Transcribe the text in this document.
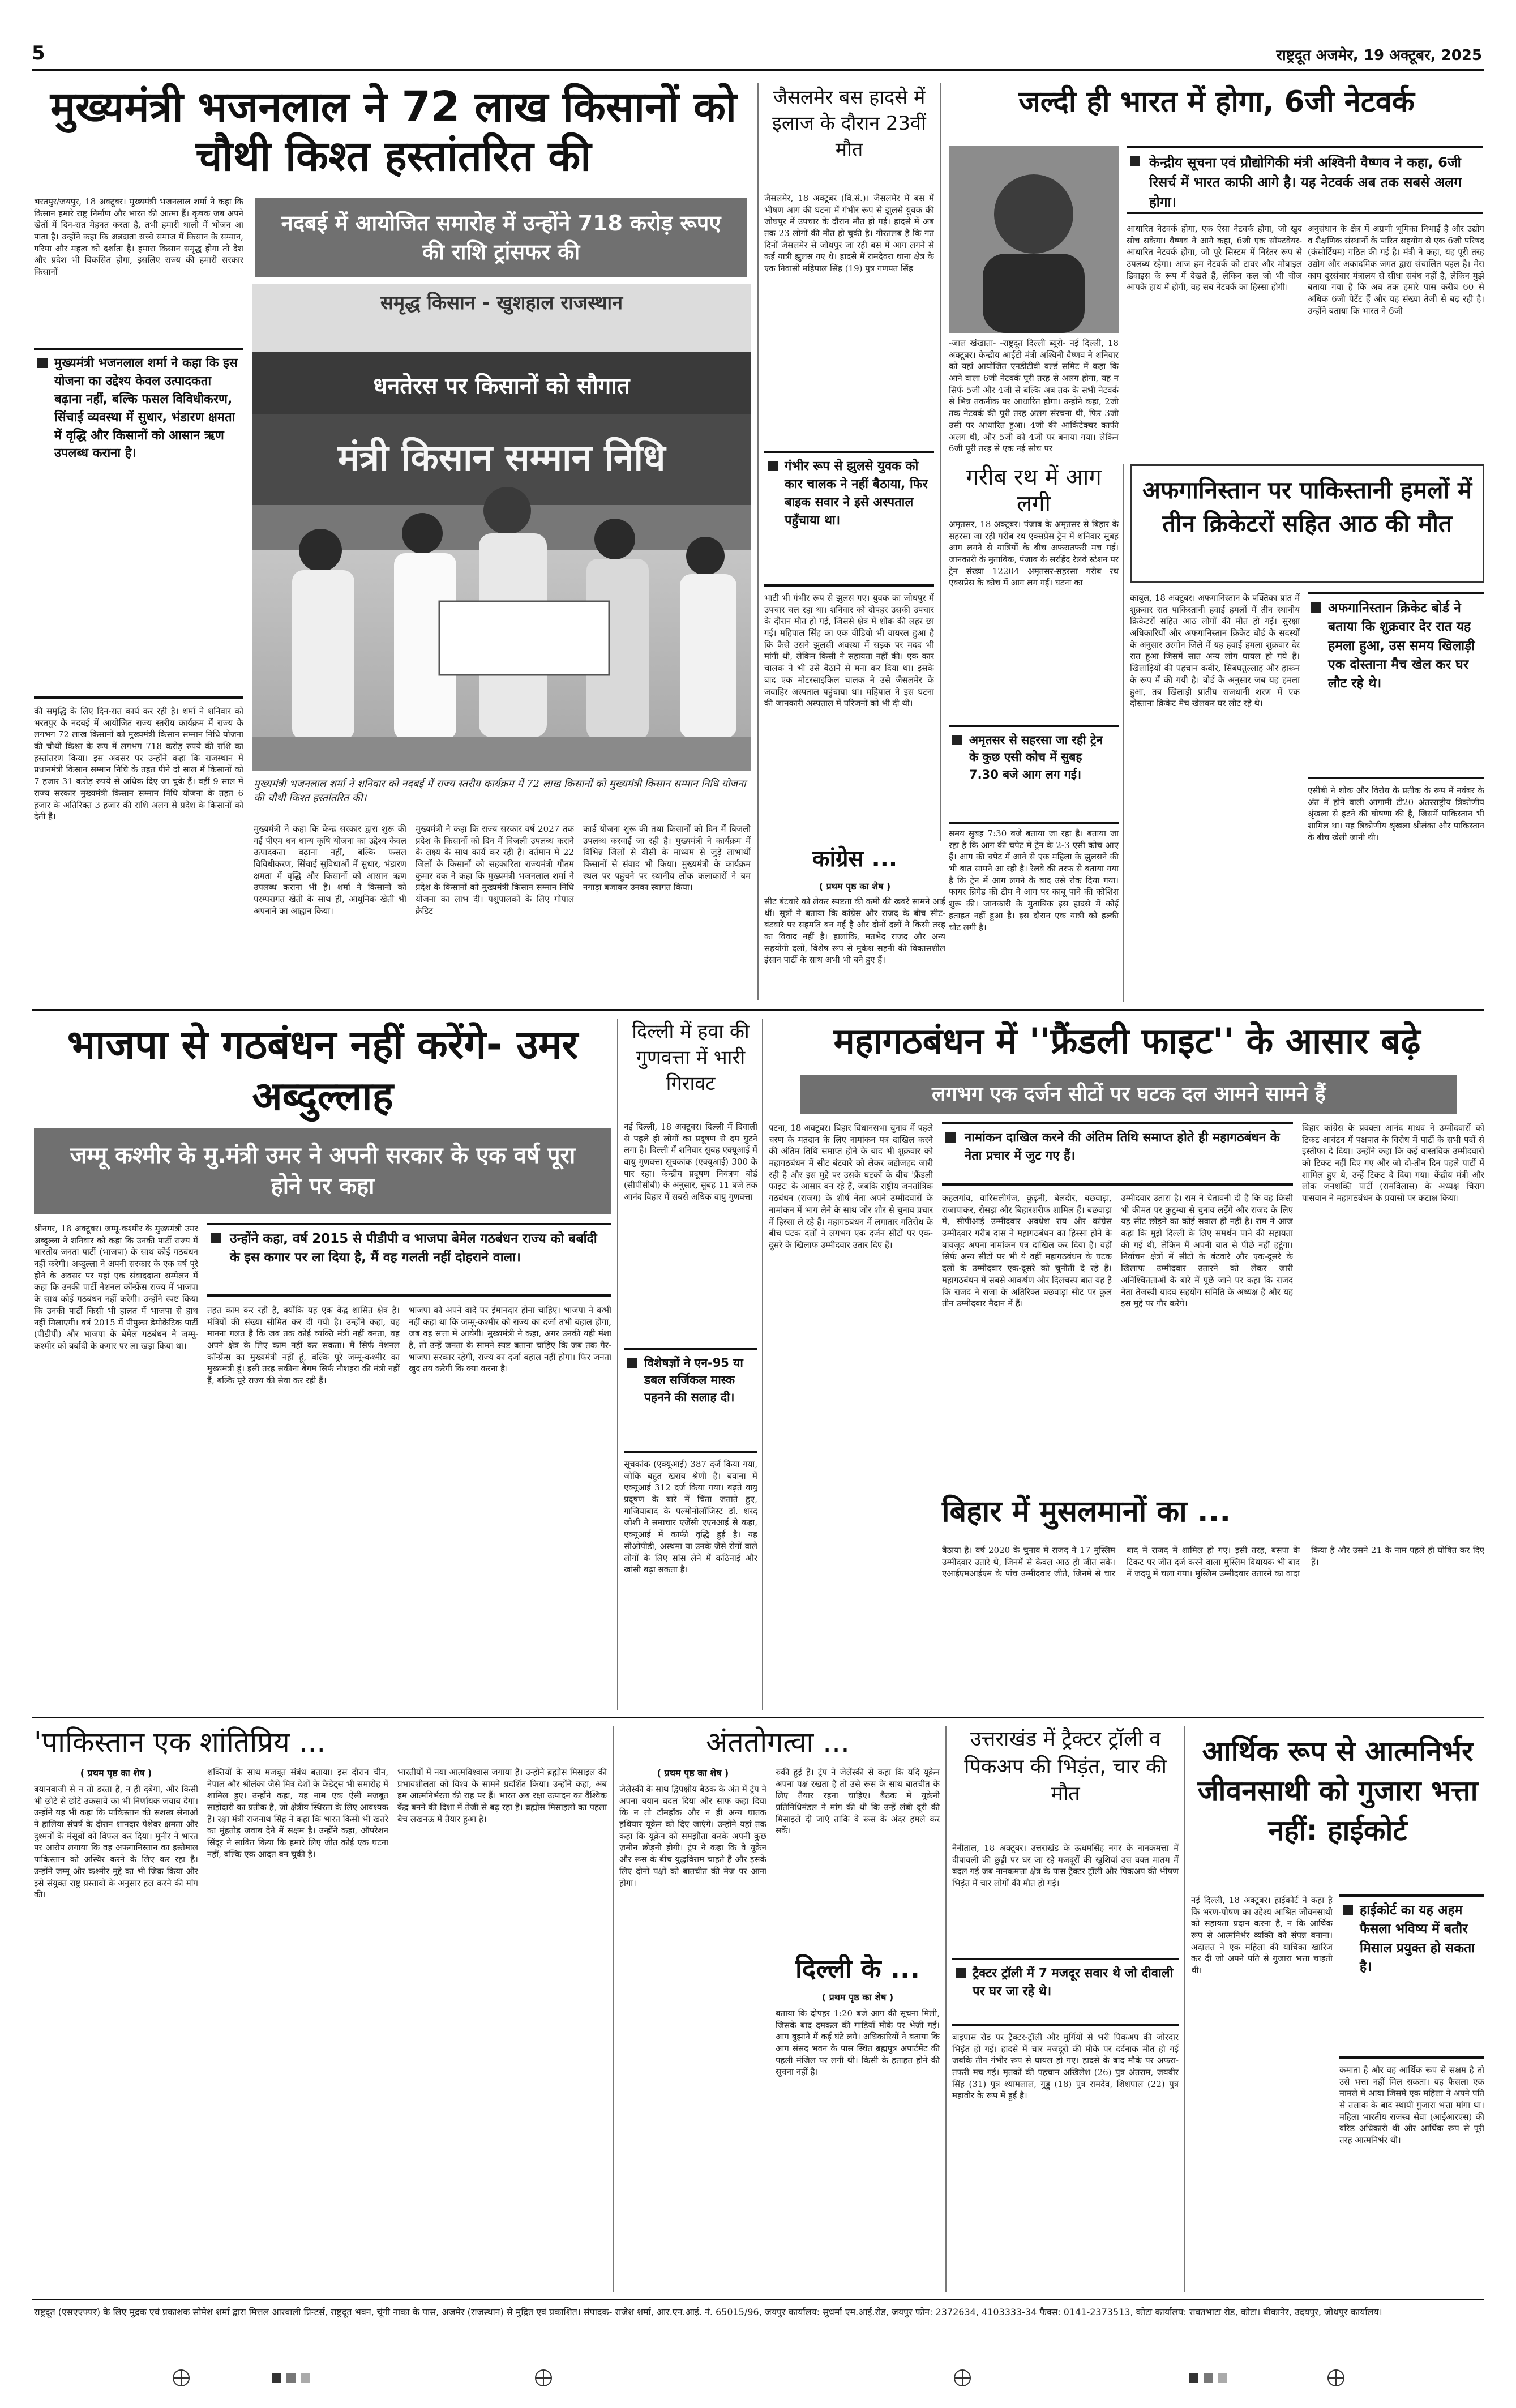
5	राष्ट्रदूत अजमेर, 19 अक्टूबर, 2025
मुख्यमंत्री भजनलाल ने 72 लाख किसानों को चौथी किश्त हस्तांतरित की
नदबई में आयोजित समारोह में उन्होंने 718 करोड़ रूपए की राशि ट्रांसफर की
भरतपुर/जयपुर, 18 अक्टूबर। मुख्यमंत्री भजनलाल शर्मा ने कहा कि किसान हमारे राष्ट्र निर्माण और भारत की आत्मा हैं। कृषक जब अपने खेतों में दिन-रात मेहनत करता है, तभी हमारी थाली में भोजन आ पाता है। उन्होंने कहा कि अन्नदाता सच्चे समाज में किसान के सम्मान, गरिमा और महत्व को दर्शाता है। हमारा किसान समृद्ध होगा तो देश और प्रदेश भी विकसित होगा, इसलिए राज्य की हमारी सरकार किसानों
मुख्यमंत्री भजनलाल शर्मा ने कहा कि इस योजना का उद्देश्य केवल उत्पादकता बढ़ाना नहीं, बल्कि फसल विविधीकरण, सिंचाई व्यवस्था में सुधार, भंडारण क्षमता में वृद्धि और किसानों को आसान ऋण उपलब्ध कराना है।
की समृद्धि के लिए दिन-रात कार्य कर रही है। शर्मा ने शनिवार को भरतपुर के नदबई में आयोजित राज्य स्तरीय कार्यक्रम में राज्य के लगभग 72 लाख किसानों को मुख्यमंत्री किसान सम्मान निधि योजना की चौथी किश्त के रूप में लगभग 718 करोड़ रुपये की राशि का हस्तांतरण किया। इस अवसर पर उन्होंने कहा कि राजस्थान में प्रधानमंत्री किसान सम्मान निधि के तहत पीने दो साल में किसानों को 7 हजार 31 करोड़ रुपये से अधिक दिए जा चुके हैं। वहीं 9 साल में राज्य सरकार मुख्यमंत्री किसान सम्मान निधि योजना के तहत 6 हजार के अतिरिक्त 3 हजार की राशि अलग से प्रदेश के किसानों को देती है।
समृद्ध किसान - खुशहाल राजस्थान
धनतेरस पर किसानों को सौगात
मंत्री किसान सम्मान निधि
मुख्यमंत्री भजनलाल शर्मा ने शनिवार को नदबई में राज्य स्तरीय कार्यक्रम में 72 लाख किसानों को मुख्यमंत्री किसान सम्मान निधि योजना की चौथी किश्त हस्तांतरित की।
मुख्यमंत्री ने कहा कि केन्द्र सरकार द्वारा शुरू की गई पीएम धन धान्य कृषि योजना का उद्देश्य केवल उत्पादकता बढ़ाना नहीं, बल्कि फसल विविधीकरण, सिंचाई सुविधाओं में सुधार, भंडारण क्षमता में वृद्धि और किसानों को आसान ऋण उपलब्ध कराना भी है। शर्मा ने किसानों को परम्परागत खेती के साथ ही, आधुनिक खेती भी अपनाने का आह्वान किया।
मुख्यमंत्री ने कहा कि राज्य सरकार वर्ष 2027 तक प्रदेश के किसानों को दिन में बिजली उपलब्ध कराने के लक्ष्य के साथ कार्य कर रही है। वर्तमान में 22 जिलों के किसानों को सहकारिता राज्यमंत्री गौतम कुमार दक ने कहा कि मुख्यमंत्री भजनलाल शर्मा ने प्रदेश के किसानों को मुख्यमंत्री किसान सम्मान निधि योजना का लाभ दी। पशुपालकों के लिए गोपाल क्रेडिट
कार्ड योजना शुरू की तथा किसानों को दिन में बिजली उपलब्ध करवाई जा रही है। मुख्यमंत्री ने कार्यक्रम में विभिन्न जिलों से वीसी के माध्यम से जुड़े लाभार्थी किसानों से संवाद भी किया। मुख्यमंत्री के कार्यक्रम स्थल पर पहुंचने पर स्थानीय लोक कलाकारों ने बम नगाड़ा बजाकर उनका स्वागत किया।
जैसलमेर बस हादसे में इलाज के दौरान 23वीं मौत
जैसलमेर, 18 अक्टूबर (वि.सं.)। जैसलमेर में बस में भीषण आग की घटना में गंभीर रूप से झुलसे युवक की जोधपुर में उपचार के दौरान मौत हो गई। हादसे में अब तक 23 लोगों की मौत हो चुकी है। गौरतलब है कि गत दिनों जैसलमेर से जोधपुर जा रही बस में आग लगने से कई यात्री झुलस गए थे। हादसे में रामदेवरा थाना क्षेत्र के एक निवासी महिपाल सिंह (19) पुत्र गणपत सिंह
गंभीर रूप से झुलसे युवक को कार चालक ने नहीं बैठाया, फिर बाइक सवार ने इसे अस्पताल पहुँचाया था।
भाटी भी गंभीर रूप से झुलस गए। युवक का जोधपुर में उपचार चल रहा था। शनिवार को दोपहर उसकी उपचार के दौरान मौत हो गई, जिससे क्षेत्र में शोक की लहर छा गई। महिपाल सिंह का एक वीडियो भी वायरल हुआ है कि कैसे उसने झुलसी अवस्था में सड़क पर मदद भी मांगी थी, लेकिन किसी ने सहायता नहीं की। एक कार चालक ने भी उसे बैठाने से मना कर दिया था। इसके बाद एक मोटरसाइकिल चालक ने उसे जैसलमेर के जवाहिर अस्पताल पहुंचाया था। महिपाल ने इस घटना की जानकारी अस्पताल में परिजनों को भी दी थी।
जल्दी ही भारत में होगा, 6जी नेटवर्क
केन्द्रीय सूचना एवं प्रौद्योगिकी मंत्री अश्विनी वैष्णव ने कहा, 6जी रिसर्च में भारत काफी आगे है। यह नेटवर्क अब तक सबसे अलग होगा।
-जाल खंखाता- -राष्ट्रदूत दिल्ली ब्यूरो- नई दिल्ली, 18 अक्टूबर। केन्द्रीय आईटी मंत्री अश्विनी वैष्णव ने शनिवार को यहां आयोजित एनडीटीवी वर्ल्ड समिट में कहा कि आने वाला 6जी नेटवर्क पूरी तरह से अलग होगा, यह न सिर्फ 5जी और 4जी से बल्कि अब तक के सभी नेटवर्क से भिन्न तकनीक पर आधारित होगा। उन्होंने कहा, 2जी तक नेटवर्क की पूरी तरह अलग संरचना थी, फिर 3जी उसी पर आधारित हुआ। 4जी की आर्किटेक्चर काफी अलग थी, और 5जी को 4जी पर बनाया गया। लेकिन 6जी पूरी तरह से एक नई सोच पर
आधारित नेटवर्क होगा, एक ऐसा नेटवर्क होगा, जो खुद सोच सकेगा। वैष्णव ने आगे कहा, 6जी एक सॉफ्टवेयर-आधारित नेटवर्क होगा, जो पूरे सिस्टम में निरंतर रूप से उपलब्ध रहेगा। आज हम नेटवर्क को टावर और मोबाइल डिवाइस के रूप में देखते हैं, लेकिन कल जो भी चीज आपके हाथ में होगी, वह सब नेटवर्क का हिस्सा होगी।
अनुसंधान के क्षेत्र में अग्रणी भूमिका निभाई है और उद्योग व शैक्षणिक संस्थानों के पारित सहयोग से एक 6जी परिषद (कंसोर्टियम) गठित की गई है। मंत्री ने कहा, यह पूरी तरह उद्योग और अकादमिक जगत द्वारा संचालित पहल है। मेरा काम दूरसंचार मंत्रालय से सीधा संबंध नहीं है, लेकिन मुझे बताया गया है कि अब तक हमारे पास करीब 60 से अधिक 6जी पेटेंट हैं और यह संख्या तेजी से बढ़ रही है। उन्होंने बताया कि भारत ने 6जी
गरीब रथ में आग लगी
अमृतसर, 18 अक्टूबर। पंजाब के अमृतसर से बिहार के सहरसा जा रही गरीब रथ एक्सप्रेस ट्रेन में शनिवार सुबह आग लगने से यात्रियों के बीच अफरातफरी मच गई। जानकारी के मुताबिक, पंजाब के सरहिंद रेलवे स्टेशन पर ट्रेन संख्या 12204 अमृतसर-सहरसा गरीब रथ एक्सप्रेस के कोच में आग लग गई। घटना का
अमृतसर से सहरसा जा रही ट्रेन के कुछ एसी कोच में सुबह 7.30 बजे आग लग गई।
समय सुबह 7:30 बजे बताया जा रहा है। बताया जा रहा है कि आग की चपेट में ट्रेन के 2-3 एसी कोच आए हैं। आग की चपेट में आने से एक महिला के झुलसने की भी बात सामने आ रही है। रेलवे की तरफ से बताया गया है कि ट्रेन में आग लगने के बाद उसे रोक दिया गया। फायर ब्रिगेड की टीम ने आग पर काबू पाने की कोशिश शुरू की। जानकारी के मुताबिक इस हादसे में कोई हताहत नहीं हुआ है। इस दौरान एक यात्री को हल्की चोट लगी है।
अफगानिस्तान पर पाकिस्तानी हमलों में तीन क्रिकेटरों सहित आठ की मौत
काबुल, 18 अक्टूबर। अफगानिस्तान के पक्तिका प्रांत में शुक्रवार रात पाकिस्तानी हवाई हमलों में तीन स्थानीय क्रिकेटरों सहित आठ लोगों की मौत हो गई। सुरक्षा अधिकारियों और अफगानिस्तान क्रिकेट बोर्ड के सदस्यों के अनुसार उरगोन जिले में यह हवाई हमला शुक्रवार देर रात हुआ जिसमें सात अन्य लोग घायल हो गये हैं। खिलाड़ियों की पहचान कबीर, सिबघतुल्लाह और हारून के रूप में की गयी है। बोर्ड के अनुसार जब यह हमला हुआ, तब खिलाड़ी प्रांतीय राजधानी शरण में एक दोस्ताना क्रिकेट मैच खेलकर घर लौट रहे थे।
अफगानिस्तान क्रिकेट बोर्ड ने बताया कि शुक्रवार देर रात यह हमला हुआ, उस समय खिलाड़ी एक दोस्ताना मैच खेल कर घर लौट रहे थे।
एसीबी ने शोक और विरोध के प्रतीक के रूप में नवंबर के अंत में होने वाली आगामी टी20 अंतरराष्ट्रीय त्रिकोणीय श्रृंखला से हटने की घोषणा की है, जिसमें पाकिस्तान भी शामिल था। यह त्रिकोणीय श्रृंखला श्रीलंका और पाकिस्तान के बीच खेली जानी थी।
कांग्रेस ...
( प्रथम पृष्ठ का शेष )
सीट बंटवारे को लेकर स्पष्टता की कमी की खबरें सामने आईं थीं। सूत्रों ने बताया कि कांग्रेस और राजद के बीच सीट-बंटवारे पर सहमति बन गई है और दोनों दलों ने किसी तरह का विवाद नहीं है। हालांकि, मतभेद राजद और अन्य सहयोगी दलों, विशेष रूप से मुकेश सहनी की विकासशील इंसान पार्टी के साथ अभी भी बने हुए हैं।
भाजपा से गठबंधन नहीं करेंगे- उमर अब्दुल्लाह
जम्मू कश्मीर के मु.मंत्री उमर ने अपनी सरकार के एक वर्ष पूरा होने पर कहा
श्रीनगर, 18 अक्टूबर। जम्मू-कश्मीर के मुख्यमंत्री उमर अब्दुल्ला ने शनिवार को कहा कि उनकी पार्टी राज्य में भारतीय जनता पार्टी (भाजपा) के साथ कोई गठबंधन नहीं करेगी। अब्दुल्ला ने अपनी सरकार के एक वर्ष पूरे होने के अवसर पर यहां एक संवाददाता सम्मेलन में कहा कि उनकी पार्टी नेशनल कॉन्फ्रेंस राज्य में भाजपा के साथ कोई गठबंधन नहीं करेगी। उन्होंने स्पष्ट किया कि उनकी पार्टी किसी भी हालत में भाजपा से हाथ नहीं मिलाएगी। वर्ष 2015 में पीपुल्स डेमोक्रेटिक पार्टी (पीडीपी) और भाजपा के बेमेल गठबंधन ने जम्मू-कश्मीर को बर्बादी के कगार पर ला खड़ा किया था।
उन्होंने कहा, वर्ष 2015 से पीडीपी व भाजपा बेमेल गठबंधन राज्य को बर्बादी के इस कगार पर ला दिया है, मैं वह गलती नहीं दोहराने वाला।
तहत काम कर रही है, क्योंकि यह एक केंद्र शासित क्षेत्र है। मंत्रियों की संख्या सीमित कर दी गयी है। उन्होंने कहा, यह मानना गलत है कि जब तक कोई व्यक्ति मंत्री नहीं बनता, वह अपने क्षेत्र के लिए काम नहीं कर सकता। मैं सिर्फ नेशनल कॉन्फ्रेंस का मुख्यमंत्री नहीं हूं, बल्कि पूरे जम्मू-कश्मीर का मुख्यमंत्री हूं। इसी तरह सकीना बेगम सिर्फ नौशहरा की मंत्री नहीं हैं, बल्कि पूरे राज्य की सेवा कर रही हैं।
भाजपा को अपने वादे पर ईमानदार होना चाहिए। भाजपा ने कभी नहीं कहा था कि जम्मू-कश्मीर को राज्य का दर्जा तभी बहाल होगा, जब वह सत्ता में आयेगी। मुख्यमंत्री ने कहा, अगर उनकी यही मंशा है, तो उन्हें जनता के सामने स्पष्ट बताना चाहिए कि जब तक गैर-भाजपा सरकार रहेगी, राज्य का दर्जा बहाल नहीं होगा। फिर जनता खुद तय करेगी कि क्या करना है।
दिल्ली में हवा की गुणवत्ता में भारी गिरावट
नई दिल्ली, 18 अक्टूबर। दिल्ली में दिवाली से पहले ही लोगों का प्रदूषण से दम घुटने लगा है। दिल्ली में शनिवार सुबह एक्यूआई में वायु गुणवत्ता सूचकांक (एक्यूआई) 300 के पार रहा। केन्द्रीय प्रदूषण नियंत्रण बोर्ड (सीपीसीबी) के अनुसार, सुबह 11 बजे तक आनंद विहार में सबसे अधिक वायु गुणवत्ता
विशेषज्ञों ने एन-95 या डबल सर्जिकल मास्क पहनने की सलाह दी।
सूचकांक (एक्यूआई) 387 दर्ज किया गया, जोकि बहुत खराब श्रेणी है। बवाना में एक्यूआई 312 दर्ज किया गया। बढ़ते वायु प्रदूषण के बारे में चिंता जताते हुए, गाजियाबाद के पल्मोनोलॉजिस्ट डॉ. शरद जोशी ने समाचार एजेंसी एएनआई से कहा, एक्यूआई में काफी वृद्धि हुई है। यह सीओपीडी, अस्थमा या उनके जैसे रोगों वाले लोगों के लिए सांस लेने में कठिनाई और खांसी बढ़ा सकता है।
महागठबंधन में ''फ्रैंडली फाइट'' के आसार बढ़े
लगभग एक दर्जन सीटों पर घटक दल आमने सामने हैं
पटना, 18 अक्टूबर। बिहार विधानसभा चुनाव में पहले चरण के मतदान के लिए नामांकन पत्र दाखिल करने की अंतिम तिथि समाप्त होने के बाद भी शुक्रवार को महागठबंधन में सीट बंटवारे को लेकर जद्दोजहद जारी रही है और इस मुद्दे पर उसके घटकों के बीच 'फ्रैंडली फाइट' के आसार बन रहे हैं, जबकि राष्ट्रीय जनतांत्रिक गठबंधन (राजग) के शीर्ष नेता अपने उम्मीदवारों के नामांकन में भाग लेने के साथ जोर शोर से चुनाव प्रचार में हिस्सा ले रहे हैं। महागठबंधन में लगातार गतिरोध के बीच घटक दलों ने लगभग एक दर्जन सीटों पर एक-दूसरे के खिलाफ उम्मीदवार उतार दिए हैं।
नामांकन दाखिल करने की अंतिम तिथि समाप्त होते ही महागठबंधन के नेता प्रचार में जुट गए हैं।
कहलगांव, वारिसलीगंज, कुढ़नी, बेलदौर, बछवाड़ा, राजापाकर, रोसड़ा और बिहारशरीफ शामिल हैं। बछवाड़ा में, सीपीआई उम्मीदवार अवधेश राय और कांग्रेस उम्मीदवार गरीब दास ने महागठबंधन का हिस्सा होने के बावजूद अपना नामांकन पत्र दाखिल कर दिया है। वहीं सिर्फ अन्य सीटों पर भी ये वहीं महागठबंधन के घटक दलों के उम्मीदवार एक-दूसरे को चुनौती दे रहे हैं। महागठबंधन में सबसे आकर्षण और दिलचस्प बात यह है कि राजद ने राजा के अतिरिक्त बछवाड़ा सीट पर कुल तीन उम्मीदवार मैदान में हैं।
उम्मीदवार उतारा है। राम ने चेतावनी दी है कि वह किसी भी कीमत पर कुटुम्बा से चुनाव लड़ेंगे और राजद के लिए यह सीट छोड़ने का कोई सवाल ही नहीं है। राम ने आज कहा कि मुझे दिल्ली के लिए समर्थन पाने की सहायता की गई थी, लेकिन मैं अपनी बात से पीछे नहीं हटूंगा। निर्वाचन क्षेत्रों में सीटों के बंटवारे और एक-दूसरे के खिलाफ उम्मीदवार उतारने को लेकर जारी अनिश्चितताओं के बारे में पूछे जाने पर कहा कि राजद नेता तेजस्वी यादव सहयोग समिति के अध्यक्ष हैं और यह इस मुद्दे पर गौर करेंगे।
बिहार कांग्रेस के प्रवक्ता आनंद माधव ने उम्मीदवारों को टिकट आवंटन में पक्षपात के विरोध में पार्टी के सभी पदों से इस्तीफा दे दिया। उन्होंने कहा कि कई वास्तविक उम्मीदवारों को टिकट नहीं दिए गए और जो दो-तीन दिन पहले पार्टी में शामिल हुए थे, उन्हें टिकट दे दिया गया। केंद्रीय मंत्री और लोक जनशक्ति पार्टी (रामविलास) के अध्यक्ष चिराग पासवान ने महागठबंधन के प्रयासों पर कटाक्ष किया।
बिहार में मुसलमानों का ...
बैठाया है। वर्ष 2020 के चुनाव में राजद ने 17 मुस्लिम उम्मीदवार उतारे थे, जिनमें से केवल आठ ही जीत सके। एआईएमआईएम के पांच उम्मीदवार जीते, जिनमें से चार बाद में राजद में शामिल हो गए। इसी तरह, बसपा के टिकट पर जीत दर्ज करने वाला मुस्लिम विधायक भी बाद में जदयू में चला गया। मुस्लिम उम्मीदवार उतारने का वादा किया है और उसने 21 के नाम पहले ही घोषित कर दिए हैं।
'पाकिस्तान एक शांतिप्रिय ...
( प्रथम पृष्ठ का शेष )
बयानबाजी से न तो डरता है, न ही दबेगा, और किसी भी छोटे से छोटे उकसावे का भी निर्णायक जवाब देगा। उन्होंने यह भी कहा कि पाकिस्तान की सशस्त्र सेनाओं ने हालिया संघर्ष के दौरान शानदार पेशेवर क्षमता और दुश्मनों के मंसूबों को विफल कर दिया। मुनीर ने भारत पर आरोप लगाया कि वह अफगानिस्तान का इस्तेमाल पाकिस्तान को अस्थिर करने के लिए कर रहा है। उन्होंने जम्मू और कश्मीर मुद्दे का भी जिक्र किया और इसे संयुक्त राष्ट्र प्रस्तावों के अनुसार हल करने की मांग की।
शक्तियों के साथ मजबूत संबंध बताया। इस दौरान चीन, नेपाल और श्रीलंका जैसे मित्र देशों के कैडेट्स भी समारोह में शामिल हुए। उन्होंने कहा, यह नाम एक ऐसी मजबूत साझेदारी का प्रतीक है, जो क्षेत्रीय स्थिरता के लिए आवश्यक है। रक्षा मंत्री राजनाथ सिंह ने कहा कि भारत किसी भी खतरे का मुंहतोड़ जवाब देने में सक्षम है। उन्होंने कहा, ऑपरेशन सिंदूर ने साबित किया कि हमारे लिए जीत कोई एक घटना नहीं, बल्कि एक आदत बन चुकी है।
भारतीयों में नया आत्मविश्वास जगाया है। उन्होंने ब्रह्मोस मिसाइल की प्रभावशीलता को विश्व के सामने प्रदर्शित किया। उन्होंने कहा, अब हम आत्मनिर्भरता की राह पर हैं। भारत अब रक्षा उत्पादन का वैश्विक केंद्र बनने की दिशा में तेजी से बढ़ रहा है। ब्रह्मोस मिसाइलों का पहला बैच लखनऊ में तैयार हुआ है।
अंततोगत्वा ...
( प्रथम पृष्ठ का शेष )
जेलेंस्की के साथ द्विपक्षीय बैठक के अंत में ट्रंप ने अपना बयान बदल दिया और साफ कहा दिया कि न तो टॉमहॉक और न ही अन्य घातक हथियार यूक्रेन को दिए जाएंगे। उन्होंने यहां तक कहा कि यूक्रेन को समझौता करके अपनी कुछ ज़मीन छोड़नी होगी। ट्रंप ने कहा कि वे यूक्रेन और रूस के बीच युद्धविराम चाहते हैं और इसके लिए दोनों पक्षों को बातचीत की मेज पर आना होगा।
रुकी हुई है। ट्रंप ने जेलेंस्की से कहा कि यदि यूक्रेन अपना पक्ष रखता है तो उसे रूस के साथ बातचीत के लिए तैयार रहना चाहिए। बैठक में यूक्रेनी प्रतिनिधिमंडल ने मांग की थी कि उन्हें लंबी दूरी की मिसाइलें दी जाएं ताकि वे रूस के अंदर हमले कर सकें।
दिल्ली के ...
( प्रथम पृष्ठ का शेष )
बताया कि दोपहर 1:20 बजे आग की सूचना मिली, जिसके बाद दमकल की गाड़ियाँ मौके पर भेजी गईं। आग बुझाने में कई घंटे लगे। अधिकारियों ने बताया कि आग संसद भवन के पास स्थित ब्रह्मपुत्र अपार्टमेंट की पहली मंजिल पर लगी थी। किसी के हताहत होने की सूचना नहीं है।
उत्तराखंड में ट्रैक्टर ट्रॉली व पिकअप की भिड़ंत, चार की मौत
नैनीताल, 18 अक्टूबर। उत्तराखंड के ऊधमसिंह नगर के नानकमत्ता में दीपावली की छुट्टी पर घर जा रहे मजदूरों की खुशियां उस वक्त मातम में बदल गई जब नानकमत्ता क्षेत्र के पास ट्रैक्टर ट्रॉली और पिकअप की भीषण भिड़ंत में चार लोगों की मौत हो गई।
ट्रैक्टर ट्रॉली में 7 मजदूर सवार थे जो दीवाली पर घर जा रहे थे।
बाइपास रोड पर ट्रैक्टर-ट्रॉली और मुर्गियों से भरी पिकअप की जोरदार भिड़ंत हो गई। हादसे में चार मजदूरों की मौके पर दर्दनाक मौत हो गई जबकि तीन गंभीर रूप से घायल हो गए। हादसे के बाद मौके पर अफरा-तफरी मच गई। मृतकों की पहचान अखिलेश (26) पुत्र अंतराम, जयवीर सिंह (31) पुत्र श्यामलाल, गुड्डू (18) पुत्र रामदेव, शिशपाल (22) पुत्र महावीर के रूप में हुई है।
आर्थिक रूप से आत्मनिर्भर जीवनसाथी को गुजारा भत्ता नहीं: हाईकोर्ट
नई दिल्ली, 18 अक्टूबर। हाईकोर्ट ने कहा है कि भरण-पोषण का उद्देश्य आश्रित जीवनसाथी को सहायता प्रदान करना है, न कि आर्थिक रूप से आत्मनिर्भर व्यक्ति को संपन्न बनाना। अदालत ने एक महिला की याचिका खारिज कर दी जो अपने पति से गुजारा भत्ता चाहती थी।
हाईकोर्ट का यह अहम फैसला भविष्य में बतौर मिसाल प्रयुक्त हो सकता है।
कमाता है और वह आर्थिक रूप से सक्षम है तो उसे भत्ता नहीं मिल सकता। यह फैसला एक मामले में आया जिसमें एक महिला ने अपने पति से तलाक के बाद स्थायी गुजारा भत्ता मांगा था। महिला भारतीय राजस्व सेवा (आईआरएस) की वरिष्ठ अधिकारी थी और आर्थिक रूप से पूरी तरह आत्मनिर्भर थी।
राष्ट्रदूत (एसएएफ्पर) के लिए मुद्रक एवं प्रकाशक सोमेश शर्मा द्वारा मित्तल आरवाली प्रिन्टर्स, राष्ट्रदूत भवन, चूंगी नाका के पास, अजमेर (राजस्थान) से मुद्रित एवं प्रकाशित। संपादक- राजेश शर्मा, आर.एन.आई. नं. 65015/96, जयपुर कार्यालय: सुधर्मा एम.आई.रोड, जयपुर फोन: 2372634, 4103333-34 फैक्स: 0141-2373513, कोटा कार्यालय: रावतभाटा रोड, कोटा। बीकानेर, उदयपुर, जोधपुर कार्यालय।
